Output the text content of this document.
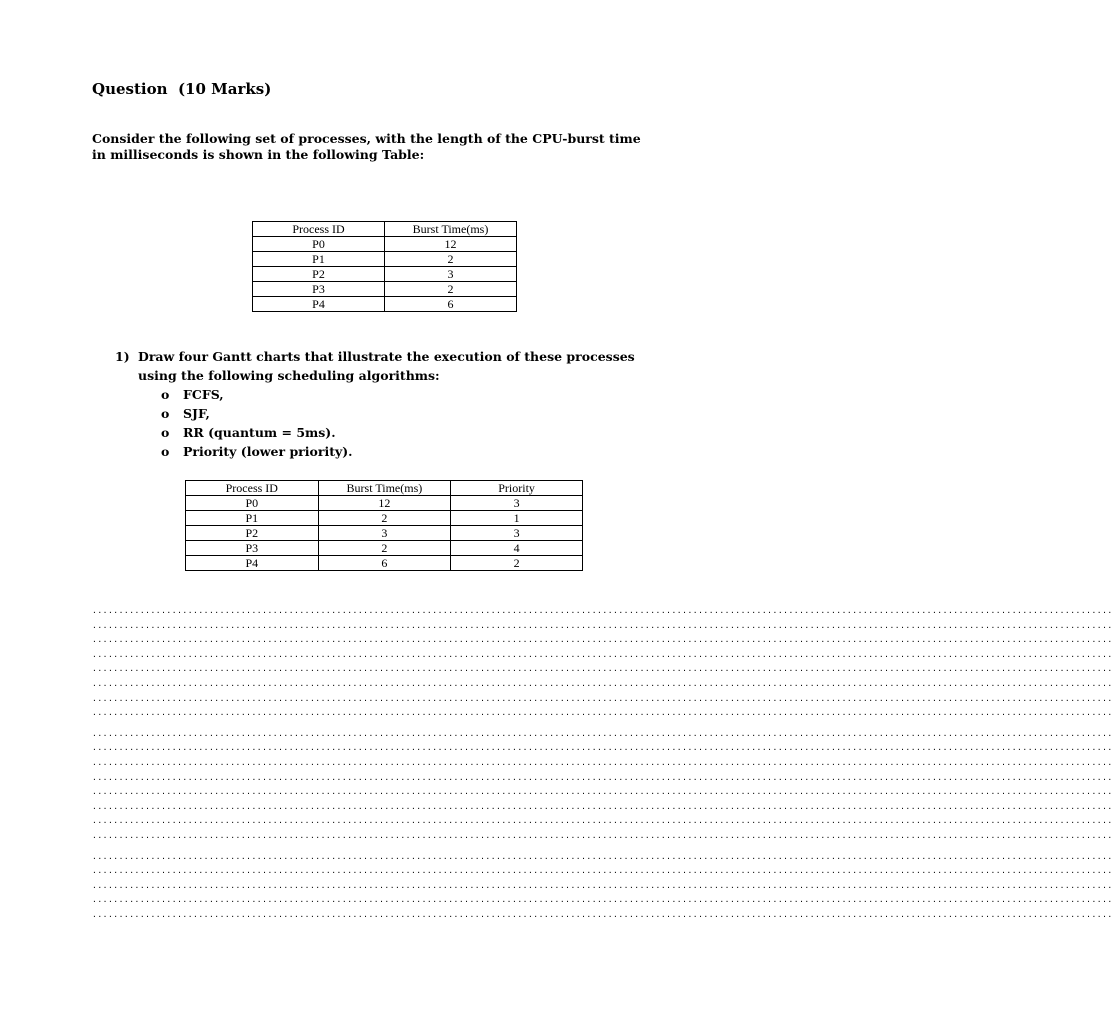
Question  (10 Marks)
Consider the following set of processes, with the length of the CPU-burst time in milliseconds is shown in the following Table:
Process ID	Burst Time(ms)
P0	12
P1	2
P2	3
P3	2
P4	6
1) Draw four Gantt charts that illustrate the execution of these processes using the following scheduling algorithms:
o FCFS,
o SJF,
o RR (quantum = 5ms).
o Priority (lower priority).
Process ID	Burst Time(ms)	Priority
P0	12	3
P1	2	1
P2	3	3
P3	2	4
P4	6	2
................................................................................................................................................................................................
................................................................................................................................................................................................
................................................................................................................................................................................................
................................................................................................................................................................................................
................................................................................................................................................................................................
................................................................................................................................................................................................
................................................................................................................................................................................................
................................................................................................................................................................................................
................................................................................................................................................................................................
................................................................................................................................................................................................
................................................................................................................................................................................................
................................................................................................................................................................................................
................................................................................................................................................................................................
................................................................................................................................................................................................
................................................................................................................................................................................................
................................................................................................................................................................................................
................................................................................................................................................................................................
................................................................................................................................................................................................
................................................................................................................................................................................................
................................................................................................................................................................................................
................................................................................................................................................................................................
